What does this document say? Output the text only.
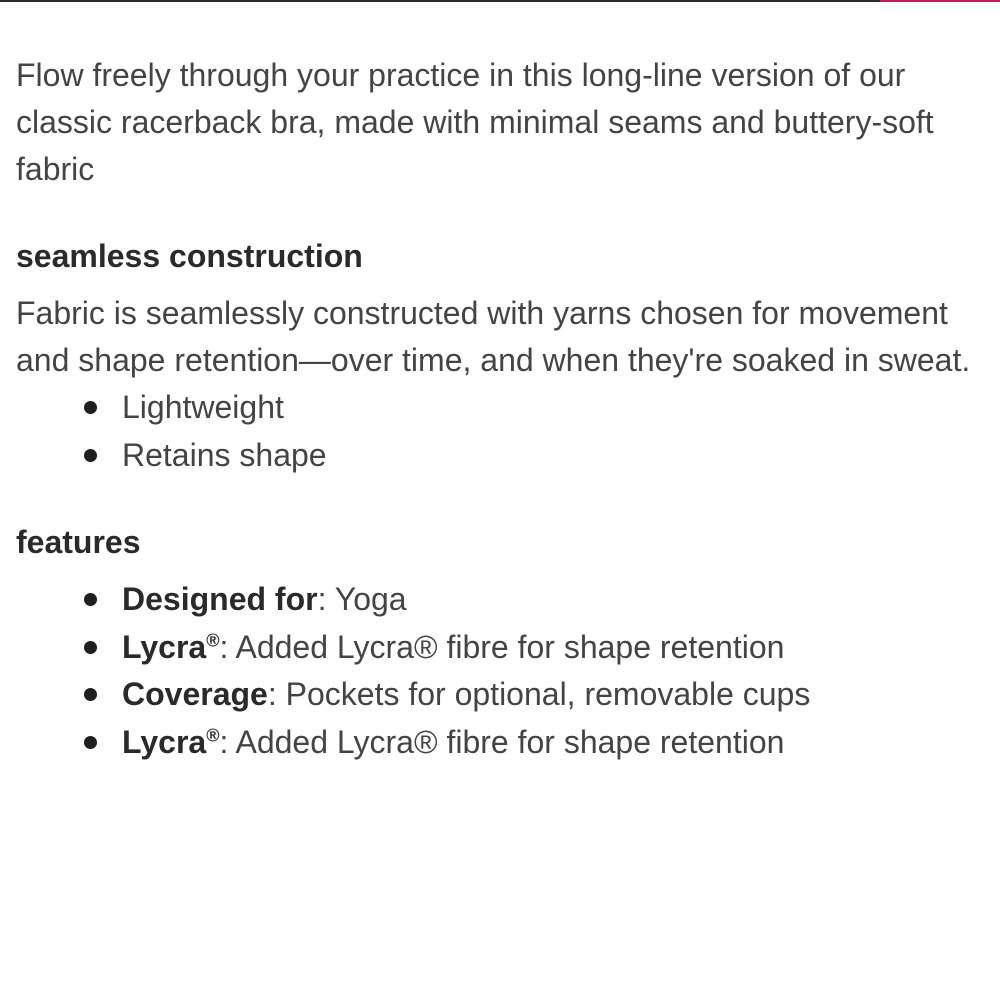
Flow freely through your practice in this long-line version of our classic racerback bra, made with minimal seams and buttery-soft fabric

seamless construction

Fabric is seamlessly constructed with yarns chosen for movement and shape retention—over time, and when they're soaked in sweat.

Lightweight
Retains shape
features
Designed for: Yoga
Lycra®: Added Lycra® fibre for shape retention
Coverage: Pockets for optional, removable cups
Lycra®: Added Lycra® fibre for shape retention
